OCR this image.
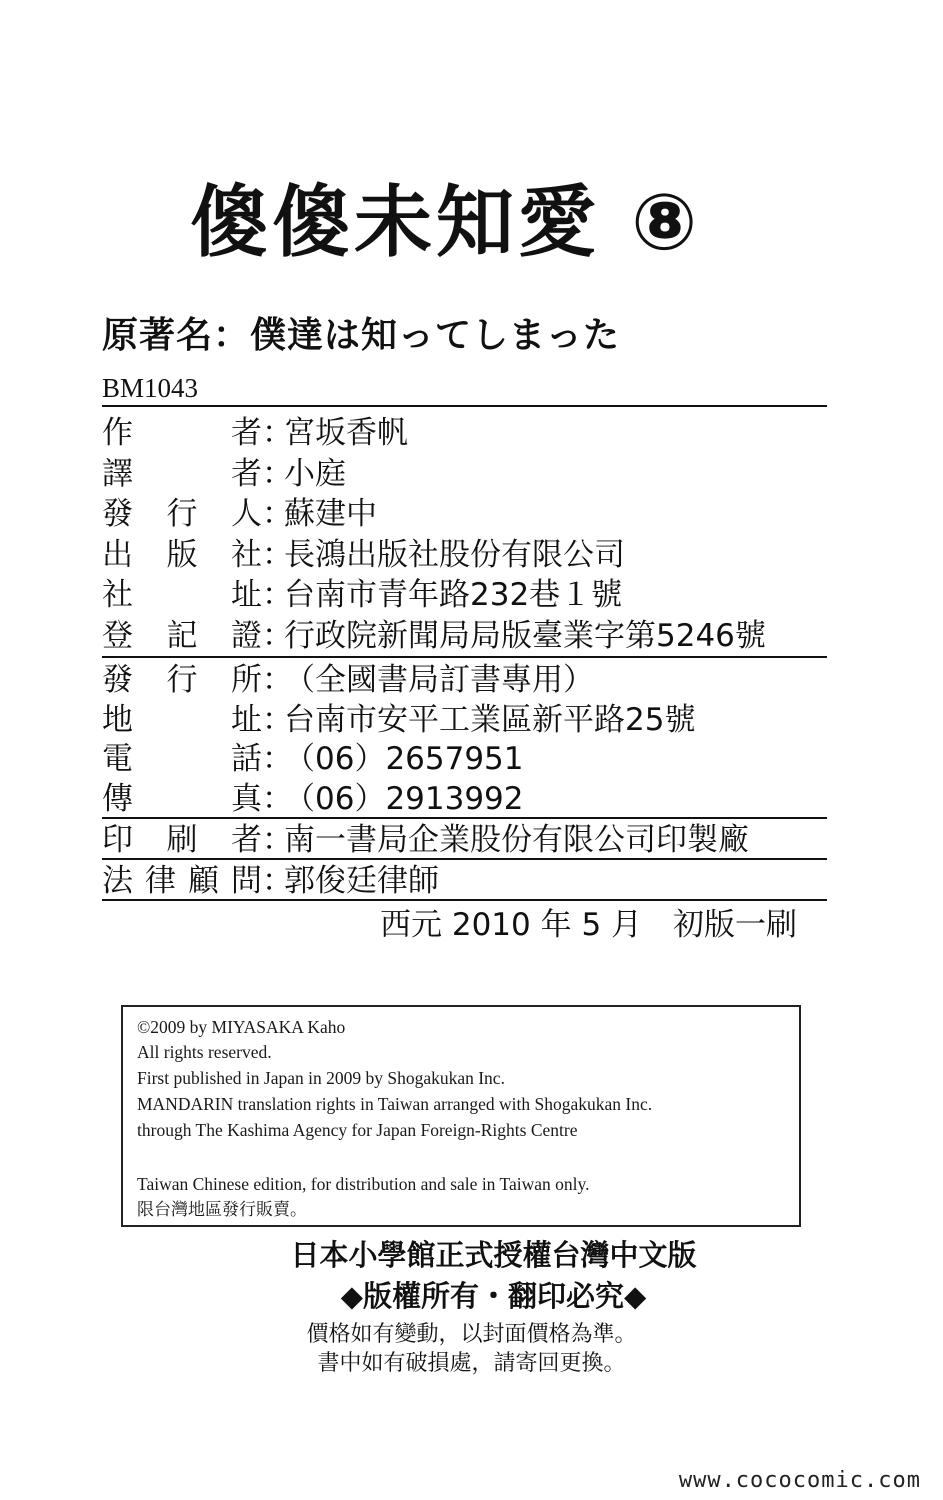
傻傻未知愛 ⑧
原著名：僕達は知ってしまった
BM1043
作者：宮坂香帆
譯者：小庭
發行人：蘇建中
出版社：長鴻出版社股份有限公司
社址：台南市青年路232巷１號
登記證：行政院新聞局局版臺業字第5246號
發行所：（全國書局訂書專用）
地址：台南市安平工業區新平路25號
電話：（06）2657951
傳真：（06）2913992
印刷者：南一書局企業股份有限公司印製廠
法律顧問：郭俊廷律師
西元 2010 年 5 月　初版一刷
©2009 by MIYASAKA Kaho
All rights reserved.
First published in Japan in 2009 by Shogakukan Inc.
MANDARIN translation rights in Taiwan arranged with Shogakukan Inc.
through The Kashima Agency for Japan Foreign-Rights Centre
Taiwan Chinese edition, for distribution and sale in Taiwan only.
限台灣地區發行販賣。
日本小學館正式授權台灣中文版
◆版權所有・翻印必究◆
價格如有變動，以封面價格為準。
書中如有破損處，請寄回更換。
www.cococomic.com
